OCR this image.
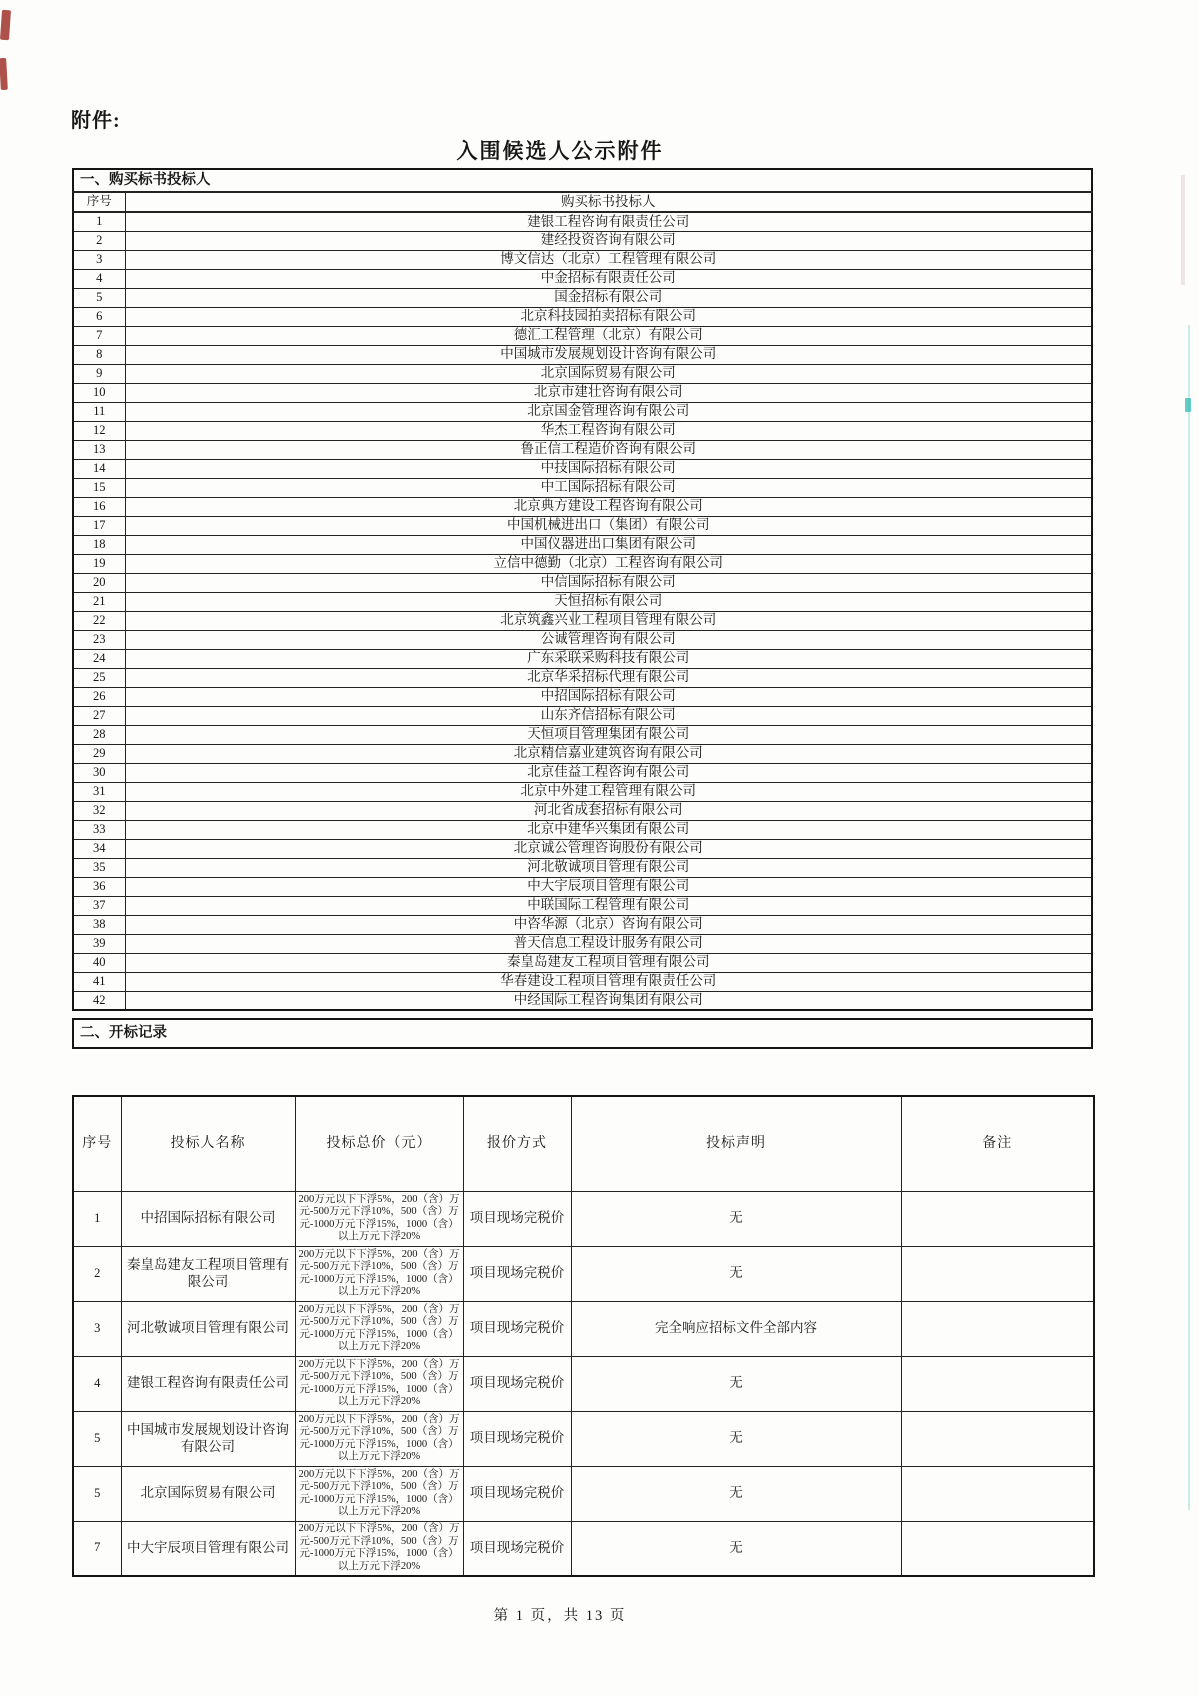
附件:
入围候选人公示附件
一、购买标书投标人	
序号	购买标书投标人
1	建银工程咨询有限责任公司
2	建经投资咨询有限公司
3	博文信达（北京）工程管理有限公司
4	中金招标有限责任公司
5	国金招标有限公司
6	北京科技园拍卖招标有限公司
7	德汇工程管理（北京）有限公司
8	中国城市发展规划设计咨询有限公司
9	北京国际贸易有限公司
10	北京市建壮咨询有限公司
11	北京国金管理咨询有限公司
12	华杰工程咨询有限公司
13	鲁正信工程造价咨询有限公司
14	中技国际招标有限公司
15	中工国际招标有限公司
16	北京典方建设工程咨询有限公司
17	中国机械进出口（集团）有限公司
18	中国仪器进出口集团有限公司
19	立信中德勤（北京）工程咨询有限公司
20	中信国际招标有限公司
21	天恒招标有限公司
22	北京筑鑫兴业工程项目管理有限公司
23	公诚管理咨询有限公司
24	广东采联采购科技有限公司
25	北京华采招标代理有限公司
26	中招国际招标有限公司
27	山东齐信招标有限公司
28	天恒项目管理集团有限公司
29	北京精信嘉业建筑咨询有限公司
30	北京佳益工程咨询有限公司
31	北京中外建工程管理有限公司
32	河北省成套招标有限公司
33	北京中建华兴集团有限公司
34	北京诚公管理咨询股份有限公司
35	河北敬诚项目管理有限公司
36	中大宇辰项目管理有限公司
37	中联国际工程管理有限公司
38	中咨华源（北京）咨询有限公司
39	普天信息工程设计服务有限公司
40	秦皇岛建友工程项目管理有限公司
41	华春建设工程项目管理有限责任公司
42	中经国际工程咨询集团有限公司
二、开标记录
序号	投标人名称	投标总价（元）	报价方式	投标声明	备注
1	中招国际招标有限公司	200万元以下下浮5%，200（含）万元-500万元下浮10%，500（含）万元-1000万元下浮15%，1000（含）以上万元下浮20%	项目现场完税价	无	
2	秦皇岛建友工程项目管理有限公司	200万元以下下浮5%，200（含）万元-500万元下浮10%，500（含）万元-1000万元下浮15%，1000（含）以上万元下浮20%	项目现场完税价	无	
3	河北敬诚项目管理有限公司	200万元以下下浮5%，200（含）万元-500万元下浮10%，500（含）万元-1000万元下浮15%，1000（含）以上万元下浮20%	项目现场完税价	完全响应招标文件全部内容	
4	建银工程咨询有限责任公司	200万元以下下浮5%，200（含）万元-500万元下浮10%，500（含）万元-1000万元下浮15%，1000（含）以上万元下浮20%	项目现场完税价	无	
5	中国城市发展规划设计咨询有限公司	200万元以下下浮5%，200（含）万元-500万元下浮10%，500（含）万元-1000万元下浮15%，1000（含）以上万元下浮20%	项目现场完税价	无	
5	北京国际贸易有限公司	200万元以下下浮5%，200（含）万元-500万元下浮10%，500（含）万元-1000万元下浮15%，1000（含）以上万元下浮20%	项目现场完税价	无	
7	中大宇辰项目管理有限公司	200万元以下下浮5%，200（含）万元-500万元下浮10%，500（含）万元-1000万元下浮15%，1000（含）以上万元下浮20%	项目现场完税价	无	
第 1 页，共 13 页
